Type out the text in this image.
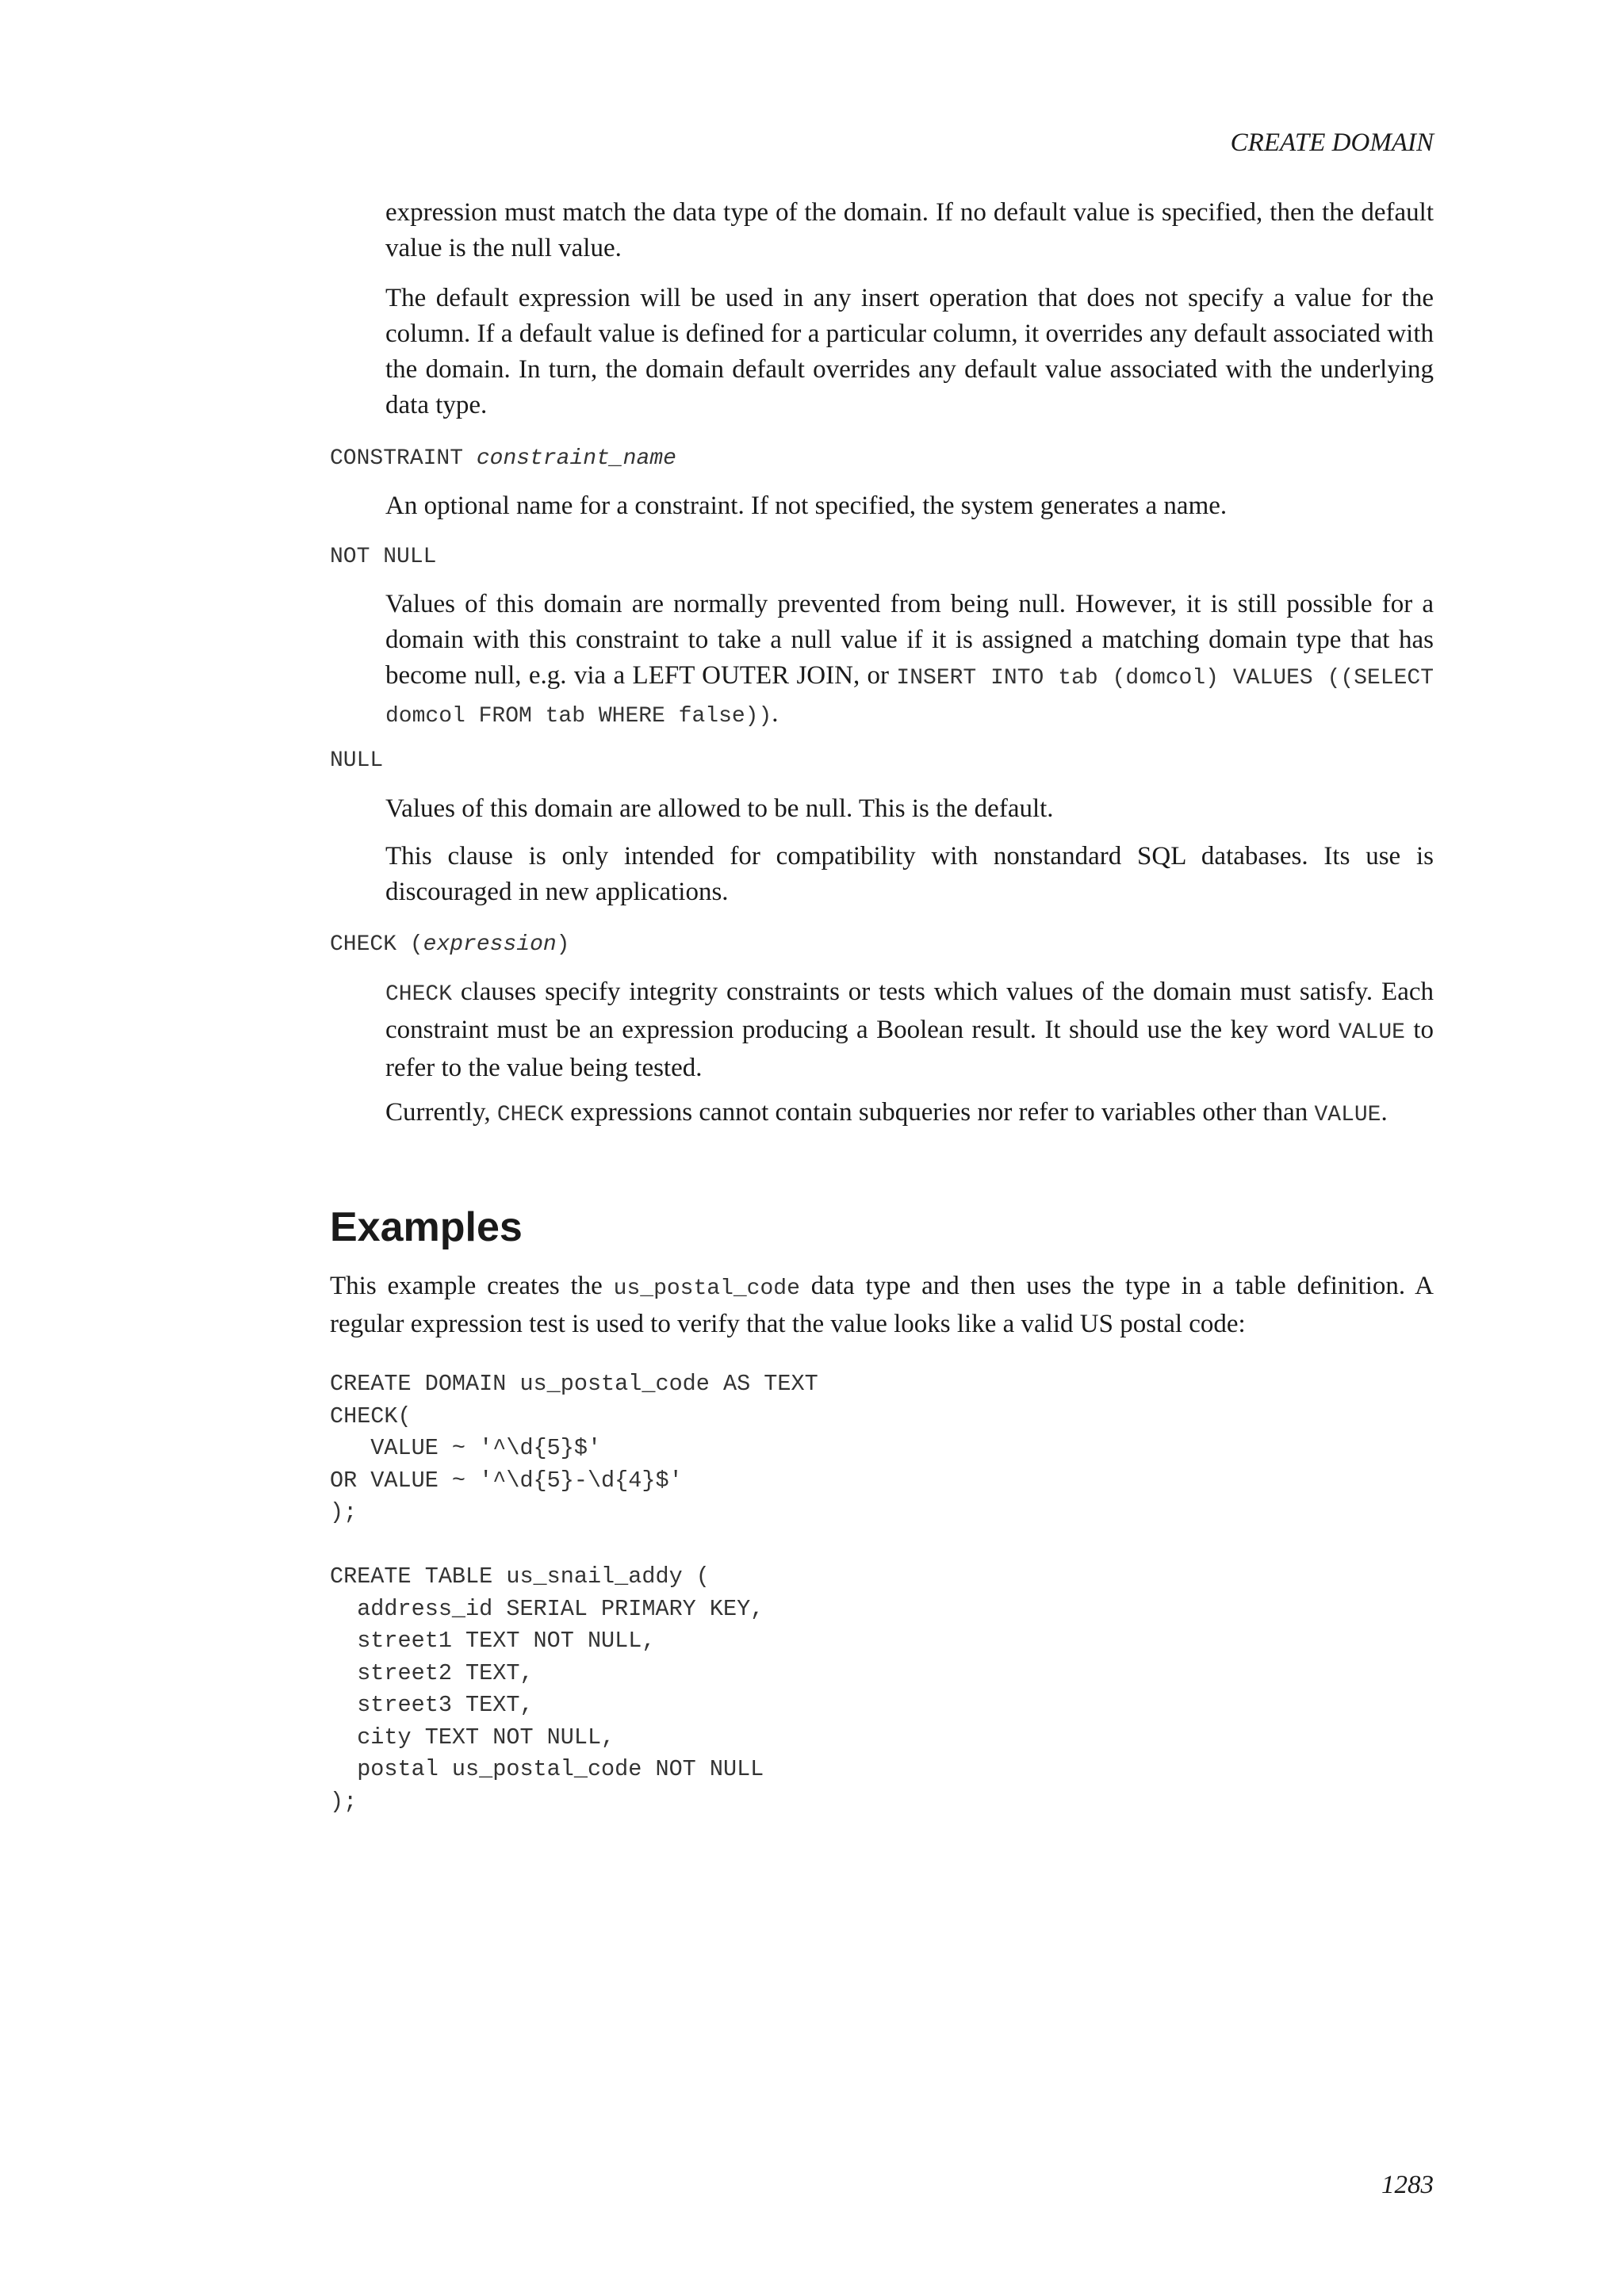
CREATE DOMAIN

expression must match the data type of the domain. If no default value is specified, then the default value is the null value.

The default expression will be used in any insert operation that does not specify a value for the column. If a default value is defined for a particular column, it overrides any default associated with the domain. In turn, the domain default overrides any default value associated with the underlying data type.

CONSTRAINT constraint_name

An optional name for a constraint. If not specified, the system generates a name.

NOT NULL

Values of this domain are normally prevented from being null. However, it is still possible for a domain with this constraint to take a null value if it is assigned a matching domain type that has become null, e.g. via a LEFT OUTER JOIN, or INSERT INTO tab (domcol) VALUES ((SELECT domcol FROM tab WHERE false)).

NULL

Values of this domain are allowed to be null. This is the default.

This clause is only intended for compatibility with nonstandard SQL databases. Its use is discouraged in new applications.

CHECK (expression)

CHECK clauses specify integrity constraints or tests which values of the domain must satisfy. Each constraint must be an expression producing a Boolean result. It should use the key word VALUE to refer to the value being tested.

Currently, CHECK expressions cannot contain subqueries nor refer to variables other than VALUE.

Examples

This example creates the us_postal_code data type and then uses the type in a table definition. A regular expression test is used to verify that the value looks like a valid US postal code:

CREATE DOMAIN us_postal_code AS TEXT
CHECK(
VALUE ~ '^\d{5}$'
OR VALUE ~ '^\d{5}-\d{4}$'
);

CREATE TABLE us_snail_addy (
address_id SERIAL PRIMARY KEY,
street1 TEXT NOT NULL,
street2 TEXT,
street3 TEXT,
city TEXT NOT NULL,
postal us_postal_code NOT NULL
);
1283
